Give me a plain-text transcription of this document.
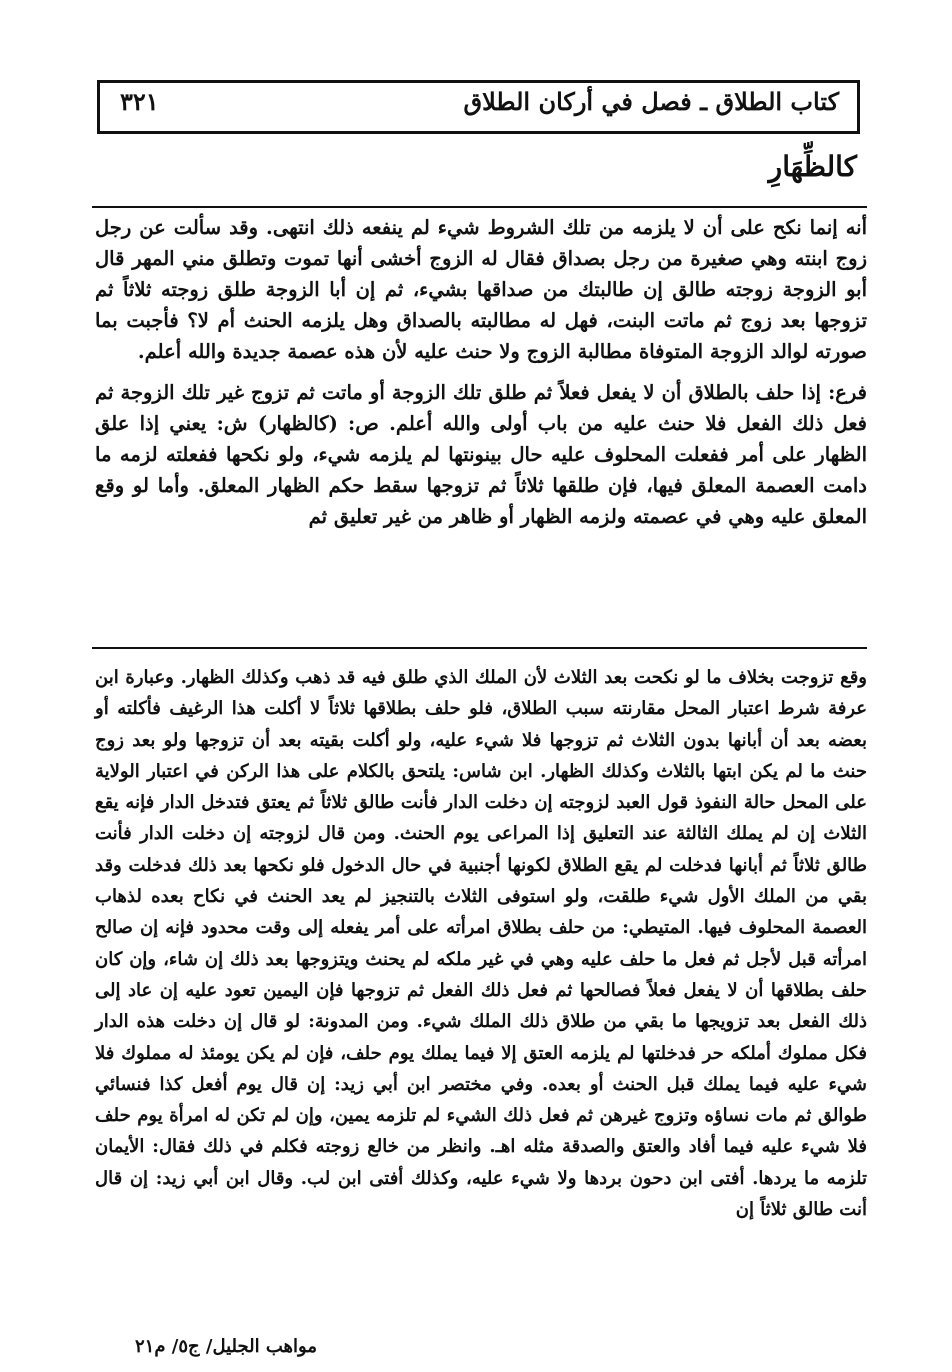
كتاب الطلاق ـ فصل في أركان الطلاق
٣٢١
كالظِّهَارِ

أنه إنما نكح على أن لا يلزمه من تلك الشروط شيء لم ينفعه ذلك انتهى. وقد سألت عن رجل زوج ابنته وهي صغيرة من رجل بصداق فقال له الزوج أخشى أنها تموت وتطلق مني المهر قال أبو الزوجة زوجته طالق إن طالبتك من صداقها بشيء، ثم إن أبا الزوجة طلق زوجته ثلاثاً ثم تزوجها بعد زوج ثم ماتت البنت، فهل له مطالبته بالصداق وهل يلزمه الحنث أم لا؟ فأجبت بما صورته لوالد الزوجة المتوفاة مطالبة الزوج ولا حنث عليه لأن هذه عصمة جديدة والله أعلم.

فرع: إذا حلف بالطلاق أن لا يفعل فعلاً ثم طلق تلك الزوجة أو ماتت ثم تزوج غير تلك الزوجة ثم فعل ذلك الفعل فلا حنث عليه من باب أولى والله أعلم. ص: (كالظهار) ش: يعني إذا علق الظهار على أمر ففعلت المحلوف عليه حال بينونتها لم يلزمه شيء، ولو نكحها ففعلته لزمه ما دامت العصمة المعلق فيها، فإن طلقها ثلاثاً ثم تزوجها سقط حكم الظهار المعلق. وأما لو وقع المعلق عليه وهي في عصمته ولزمه الظهار أو ظاهر من غير تعليق ثم

وقع تزوجت بخلاف ما لو نكحت بعد الثلاث لأن الملك الذي طلق فيه قد ذهب وكذلك الظهار. وعبارة ابن عرفة شرط اعتبار المحل مقارنته سبب الطلاق، فلو حلف بطلاقها ثلاثاً لا أكلت هذا الرغيف فأكلته أو بعضه بعد أن أبانها بدون الثلاث ثم تزوجها فلا شيء عليه، ولو أكلت بقيته بعد أن تزوجها ولو بعد زوج حنث ما لم يكن ابتها بالثلاث وكذلك الظهار. ابن شاس: يلتحق بالكلام على هذا الركن في اعتبار الولاية على المحل حالة النفوذ قول العبد لزوجته إن دخلت الدار فأنت طالق ثلاثاً ثم يعتق فتدخل الدار فإنه يقع الثلاث إن لم يملك الثالثة عند التعليق إذا المراعى يوم الحنث. ومن قال لزوجته إن دخلت الدار فأنت طالق ثلاثاً ثم أبانها فدخلت لم يقع الطلاق لكونها أجنبية في حال الدخول فلو نكحها بعد ذلك فدخلت وقد بقي من الملك الأول شيء طلقت، ولو استوفى الثلاث بالتنجيز لم يعد الحنث في نكاح بعده لذهاب العصمة المحلوف فيها. المتيطي: من حلف بطلاق امرأته على أمر يفعله إلى وقت محدود فإنه إن صالح امرأته قبل لأجل ثم فعل ما حلف عليه وهي في غير ملكه لم يحنث ويتزوجها بعد ذلك إن شاء، وإن كان حلف بطلاقها أن لا يفعل فعلاً فصالحها ثم فعل ذلك الفعل ثم تزوجها فإن اليمين تعود عليه إن عاد إلى ذلك الفعل بعد تزويجها ما بقي من طلاق ذلك الملك شيء. ومن المدونة: لو قال إن دخلت هذه الدار فكل مملوك أملكه حر فدخلتها لم يلزمه العتق إلا فيما يملك يوم حلف، فإن لم يكن يومئذ له مملوك فلا شيء عليه فيما يملك قبل الحنث أو بعده. وفي مختصر ابن أبي زيد: إن قال يوم أفعل كذا فنسائي طوالق ثم مات نساؤه وتزوج غيرهن ثم فعل ذلك الشيء لم تلزمه يمين، وإن لم تكن له امرأة يوم حلف فلا شيء عليه فيما أفاد والعتق والصدقة مثله اهـ. وانظر من خالع زوجته فكلم في ذلك فقال: الأيمان تلزمه ما يردها. أفتى ابن دحون بردها ولا شيء عليه، وكذلك أفتى ابن لب. وقال ابن أبي زيد: إن قال أنت طالق ثلاثاً إن

مواهب الجليل/ ج٥/ م٢١
